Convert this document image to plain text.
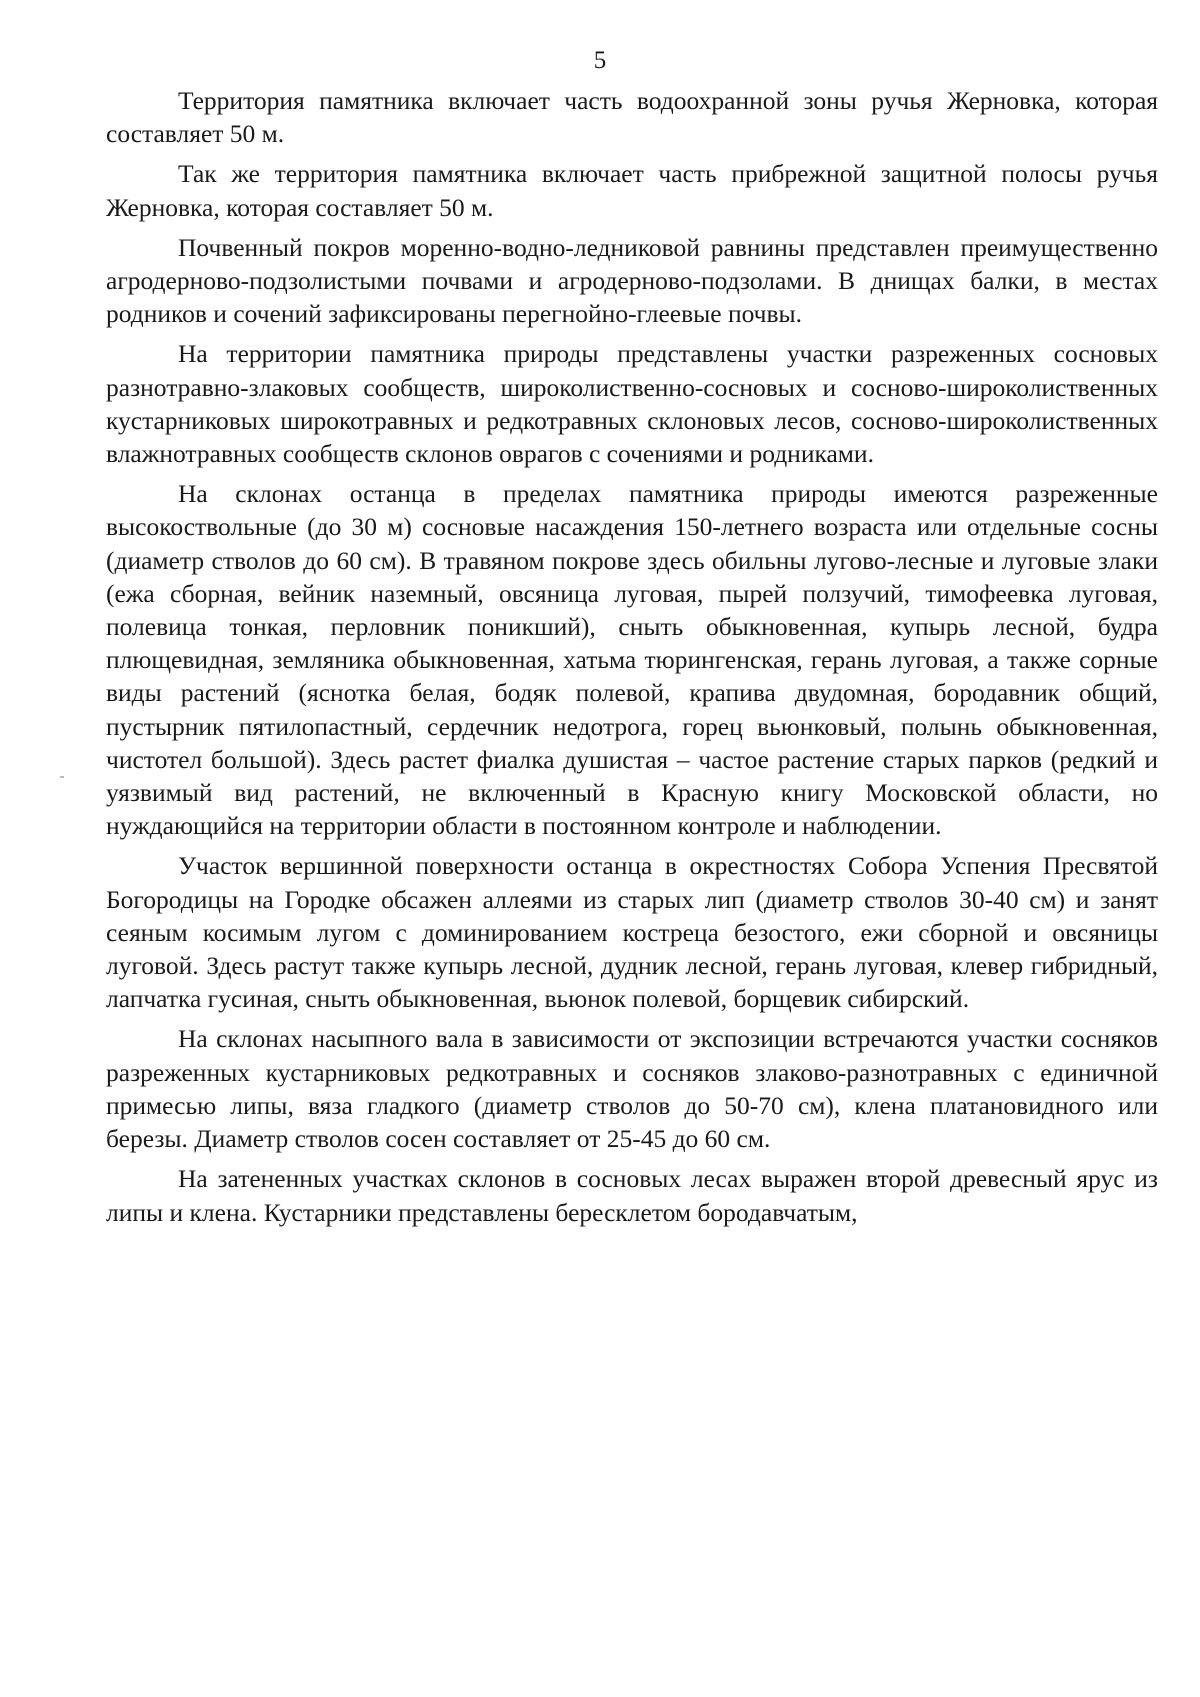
5

Территория памятника включает часть водоохранной зоны ручья Жерновка, которая составляет 50 м.

Так же территория памятника включает часть прибрежной защитной полосы ручья Жерновка, которая составляет 50 м.

Почвенный покров моренно-водно-ледниковой равнины представлен преимущественно агродерново-подзолистыми почвами и агродерново-подзолами. В днищах балки, в местах родников и сочений зафиксированы перегнойно-глеевые почвы.

На территории памятника природы представлены участки разреженных сосновых разнотравно-злаковых сообществ, широколиственно-сосновых и сосново-широколиственных кустарниковых широкотравных и редкотравных склоновых лесов, сосново-широколиственных влажнотравных сообществ склонов оврагов с сочениями и родниками.

На склонах останца в пределах памятника природы имеются разреженные высокоствольные (до 30 м) сосновые насаждения 150-летнего возраста или отдельные сосны (диаметр стволов до 60 см). В травяном покрове здесь обильны лугово-лесные и луговые злаки (ежа сборная, вейник наземный, овсяница луговая, пырей ползучий, тимофеевка луговая, полевица тонкая, перловник поникший), сныть обыкновенная, купырь лесной, будра плющевидная, земляника обыкновенная, хатьма тюрингенская, герань луговая, а также сорные виды растений (яснотка белая, бодяк полевой, крапива двудомная, бородавник общий, пустырник пятилопастный, сердечник недотрога, горец вьюнковый, полынь обыкновенная, чистотел большой). Здесь растет фиалка душистая – частое растение старых парков (редкий и уязвимый вид растений, не включенный в Красную книгу Московской области, но нуждающийся на территории области в постоянном контроле и наблюдении.

Участок вершинной поверхности останца в окрестностях Собора Успения Пресвятой Богородицы на Городке обсажен аллеями из старых лип (диаметр стволов 30-40 см) и занят сеяным косимым лугом с доминированием костреца безостого, ежи сборной и овсяницы луговой. Здесь растут также купырь лесной, дудник лесной, герань луговая, клевер гибридный, лапчатка гусиная, сныть обыкновенная, вьюнок полевой, борщевик сибирский.

На склонах насыпного вала в зависимости от экспозиции встречаются участки сосняков разреженных кустарниковых редкотравных и сосняков злаково-разнотравных с единичной примесью липы, вяза гладкого (диаметр стволов до 50-70 см), клена платановидного или березы. Диаметр стволов сосен составляет от 25-45 до 60 см.

На затененных участках склонов в сосновых лесах выражен второй древесный ярус из липы и клена. Кустарники представлены бересклетом бородавчатым,
